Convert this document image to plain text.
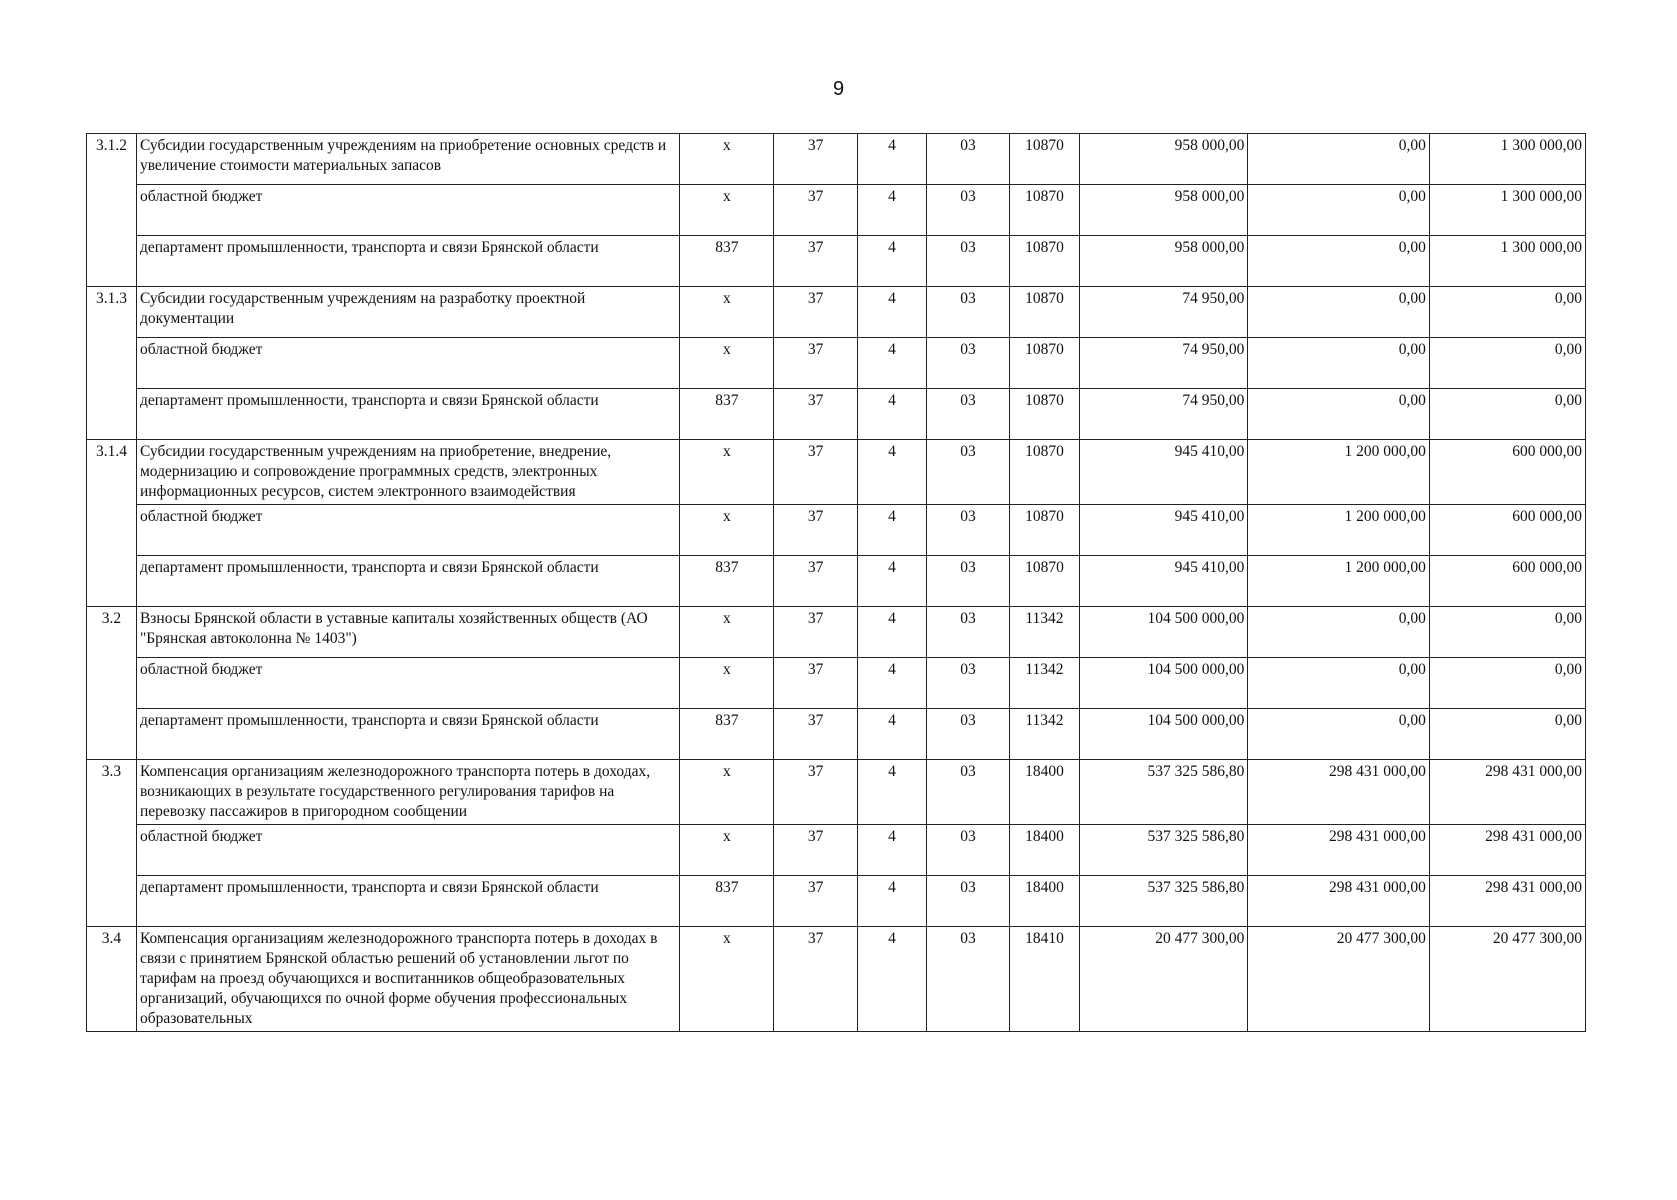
9
3.1.2	Субсидии государственным учреждениям на приобретение основных средств и увеличение стоимости материальных запасов	х	37	4	03	10870	958 000,00	0,00	1 300 000,00
	областной бюджет	х	37	4	03	10870	958 000,00	0,00	1 300 000,00
	департамент промышленности, транспорта и связи Брянской области	837	37	4	03	10870	958 000,00	0,00	1 300 000,00
3.1.3	Субсидии государственным учреждениям на разработку проектной документации	х	37	4	03	10870	74 950,00	0,00	0,00
	областной бюджет	х	37	4	03	10870	74 950,00	0,00	0,00
	департамент промышленности, транспорта и связи Брянской области	837	37	4	03	10870	74 950,00	0,00	0,00
3.1.4	Субсидии государственным учреждениям на приобретение, внедрение, модернизацию и сопровождение программных средств, электронных информационных ресурсов, систем электронного взаимодействия	х	37	4	03	10870	945 410,00	1 200 000,00	600 000,00
	областной бюджет	х	37	4	03	10870	945 410,00	1 200 000,00	600 000,00
	департамент промышленности, транспорта и связи Брянской области	837	37	4	03	10870	945 410,00	1 200 000,00	600 000,00
3.2	Взносы Брянской области в уставные капиталы хозяйственных обществ (АО "Брянская автоколонна № 1403")	х	37	4	03	11342	104 500 000,00	0,00	0,00
	областной бюджет	х	37	4	03	11342	104 500 000,00	0,00	0,00
	департамент промышленности, транспорта и связи Брянской области	837	37	4	03	11342	104 500 000,00	0,00	0,00
3.3	Компенсация организациям железнодорожного транспорта потерь в доходах, возникающих в результате государственного регулирования тарифов на перевозку пассажиров в пригородном сообщении	х	37	4	03	18400	537 325 586,80	298 431 000,00	298 431 000,00
	областной бюджет	х	37	4	03	18400	537 325 586,80	298 431 000,00	298 431 000,00
	департамент промышленности, транспорта и связи Брянской области	837	37	4	03	18400	537 325 586,80	298 431 000,00	298 431 000,00
3.4	Компенсация организациям железнодорожного транспорта потерь в доходах в связи с принятием Брянской областью решений об установлении льгот по тарифам на проезд обучающихся и воспитанников общеобразовательных организаций, обучающихся по очной форме обучения профессиональных образовательных	х	37	4	03	18410	20 477 300,00	20 477 300,00	20 477 300,00
